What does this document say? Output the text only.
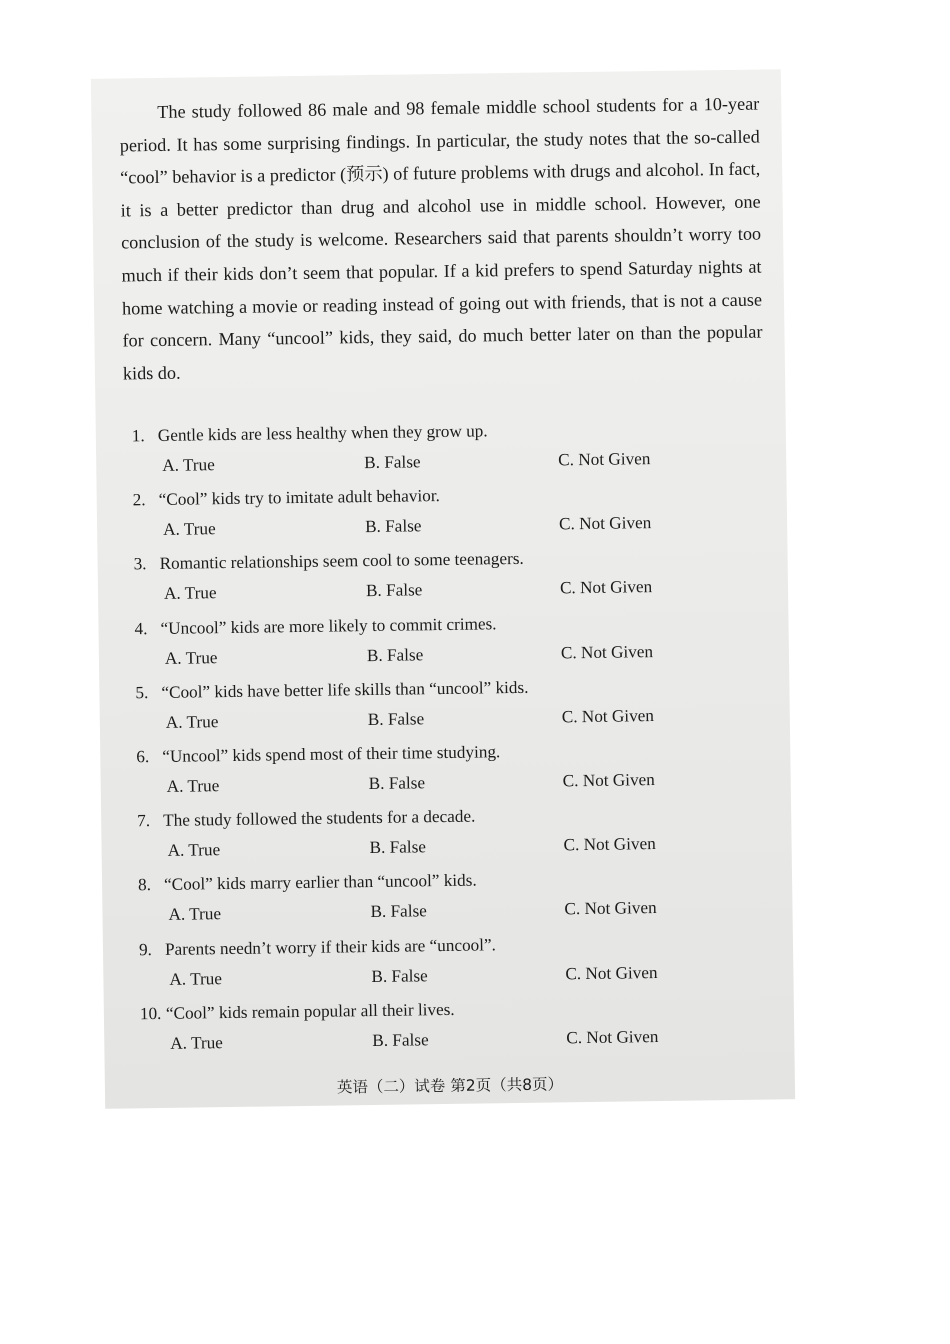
The study followed 86 male and 98 female middle school students for a 10-year period. It has some surprising findings. In particular, the study notes that the so-called “cool” behavior is a predictor (预示) of future problems with drugs and alcohol. In fact, it is a better predictor than drug and alcohol use in middle school. However, one conclusion of the study is welcome. Researchers said that parents shouldn’t worry too much if their kids don’t seem that popular. If a kid prefers to spend Saturday nights at home watching a movie or reading instead of going out with friends, that is not a cause for concern. Many “uncool” kids, they said, do much better later on than the popular kids do.

1. Gentle kids are less healthy when they grow up.
A. True	B. False	C. Not Given
2. “Cool” kids try to imitate adult behavior.
A. True	B. False	C. Not Given
3. Romantic relationships seem cool to some teenagers.
A. True	B. False	C. Not Given
4. “Uncool” kids are more likely to commit crimes.
A. True	B. False	C. Not Given
5. “Cool” kids have better life skills than “uncool” kids.
A. True	B. False	C. Not Given
6. “Uncool” kids spend most of their time studying.
A. True	B. False	C. Not Given
7. The study followed the students for a decade.
A. True	B. False	C. Not Given
8. “Cool” kids marry earlier than “uncool” kids.
A. True	B. False	C. Not Given
9. Parents needn’t worry if their kids are “uncool”.
A. True	B. False	C. Not Given
10. “Cool” kids remain popular all their lives.
A. True	B. False	C. Not Given
英语（二）试卷 第2页（共8页）
